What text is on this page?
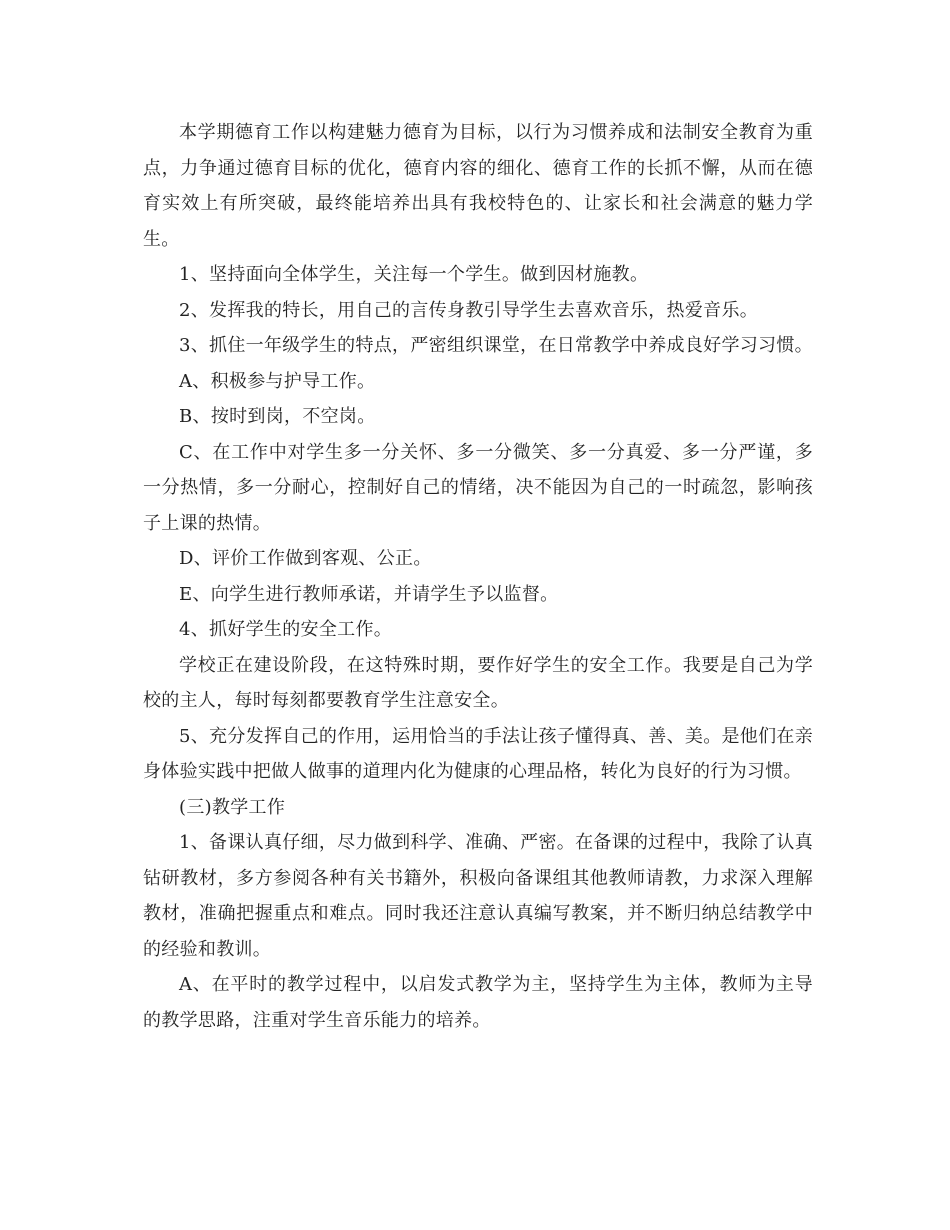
本学期德育工作以构建魅力德育为目标，以行为习惯养成和法制安全教育为重点，力争通过德育目标的优化，德育内容的细化、德育工作的长抓不懈，从而在德育实效上有所突破，最终能培养出具有我校特色的、让家长和社会满意的魅力学生。

1、坚持面向全体学生，关注每一个学生。做到因材施教。

2、发挥我的特长，用自己的言传身教引导学生去喜欢音乐，热爱音乐。

3、抓住一年级学生的特点，严密组织课堂，在日常教学中养成良好学习习惯。

A、积极参与护导工作。

B、按时到岗，不空岗。

C、在工作中对学生多一分关怀、多一分微笑、多一分真爱、多一分严谨，多一分热情，多一分耐心，控制好自己的情绪，决不能因为自己的一时疏忽，影响孩子上课的热情。

D、评价工作做到客观、公正。

E、向学生进行教师承诺，并请学生予以监督。

4、抓好学生的安全工作。

学校正在建设阶段，在这特殊时期，要作好学生的安全工作。我要是自己为学校的主人，每时每刻都要教育学生注意安全。

5、充分发挥自己的作用，运用恰当的手法让孩子懂得真、善、美。是他们在亲身体验实践中把做人做事的道理内化为健康的心理品格，转化为良好的行为习惯。

(三)教学工作

1、备课认真仔细，尽力做到科学、准确、严密。在备课的过程中，我除了认真钻研教材，多方参阅各种有关书籍外，积极向备课组其他教师请教，力求深入理解教材，准确把握重点和难点。同时我还注意认真编写教案，并不断归纳总结教学中的经验和教训。

A、在平时的教学过程中，以启发式教学为主，坚持学生为主体，教师为主导的教学思路，注重对学生音乐能力的培养。
